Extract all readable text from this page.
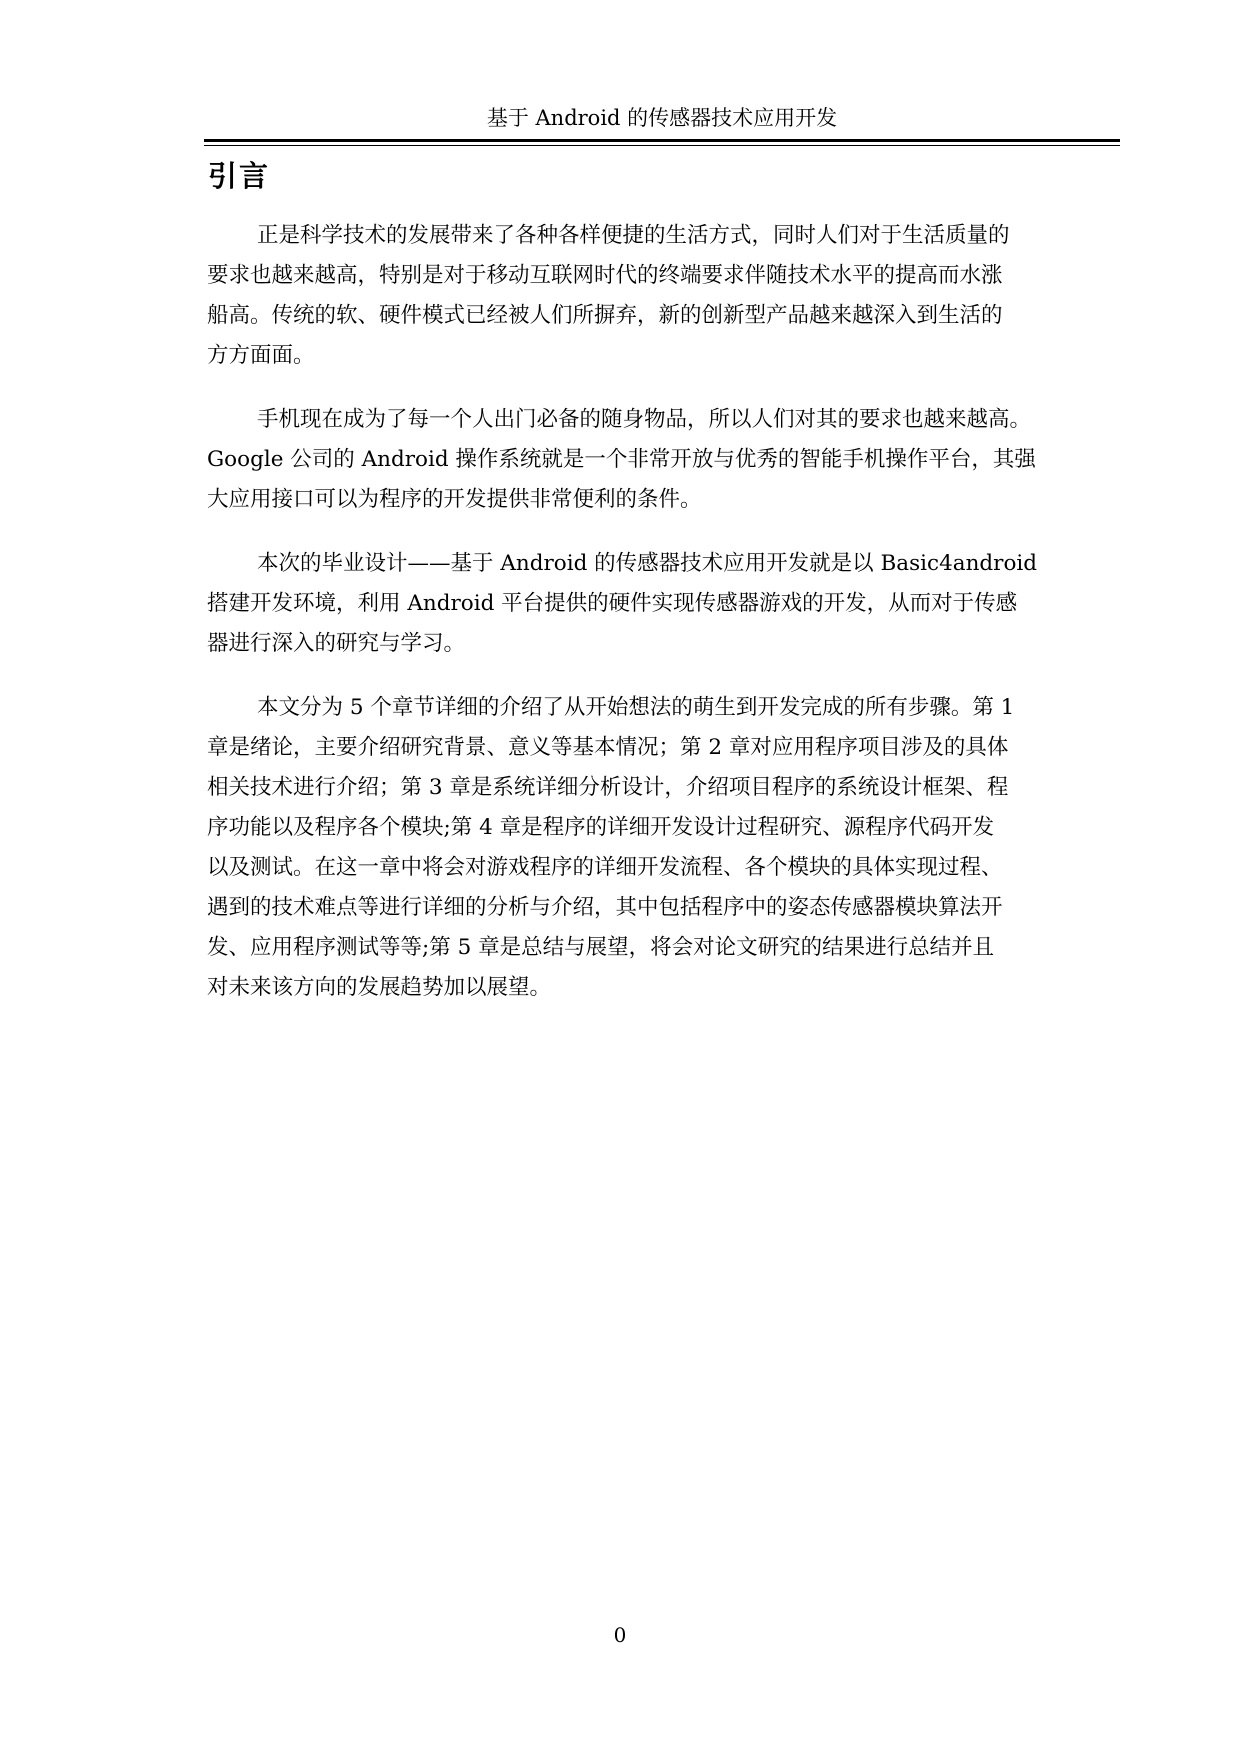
基于 Android 的传感器技术应用开发
引言
正是科学技术的发展带来了各种各样便捷的生活方式，同时人们对于生活质量的
要求也越来越高，特别是对于移动互联网时代的终端要求伴随技术水平的提高而水涨
船高。传统的软、硬件模式已经被人们所摒弃，新的创新型产品越来越深入到生活的
方方面面。
手机现在成为了每一个人出门必备的随身物品，所以人们对其的要求也越来越高。
Google 公司的 Android 操作系统就是一个非常开放与优秀的智能手机操作平台，其强
大应用接口可以为程序的开发提供非常便利的条件。
本次的毕业设计——基于 Android 的传感器技术应用开发就是以 Basic4android
搭建开发环境，利用 Android 平台提供的硬件实现传感器游戏的开发，从而对于传感
器进行深入的研究与学习。
本文分为 5 个章节详细的介绍了从开始想法的萌生到开发完成的所有步骤。第 1
章是绪论，主要介绍研究背景、意义等基本情况；第 2 章对应用程序项目涉及的具体
相关技术进行介绍；第 3 章是系统详细分析设计，介绍项目程序的系统设计框架、程
序功能以及程序各个模块;第 4 章是程序的详细开发设计过程研究、源程序代码开发
以及测试。在这一章中将会对游戏程序的详细开发流程、各个模块的具体实现过程、
遇到的技术难点等进行详细的分析与介绍，其中包括程序中的姿态传感器模块算法开
发、应用程序测试等等;第 5 章是总结与展望，将会对论文研究的结果进行总结并且
对未来该方向的发展趋势加以展望。
0
